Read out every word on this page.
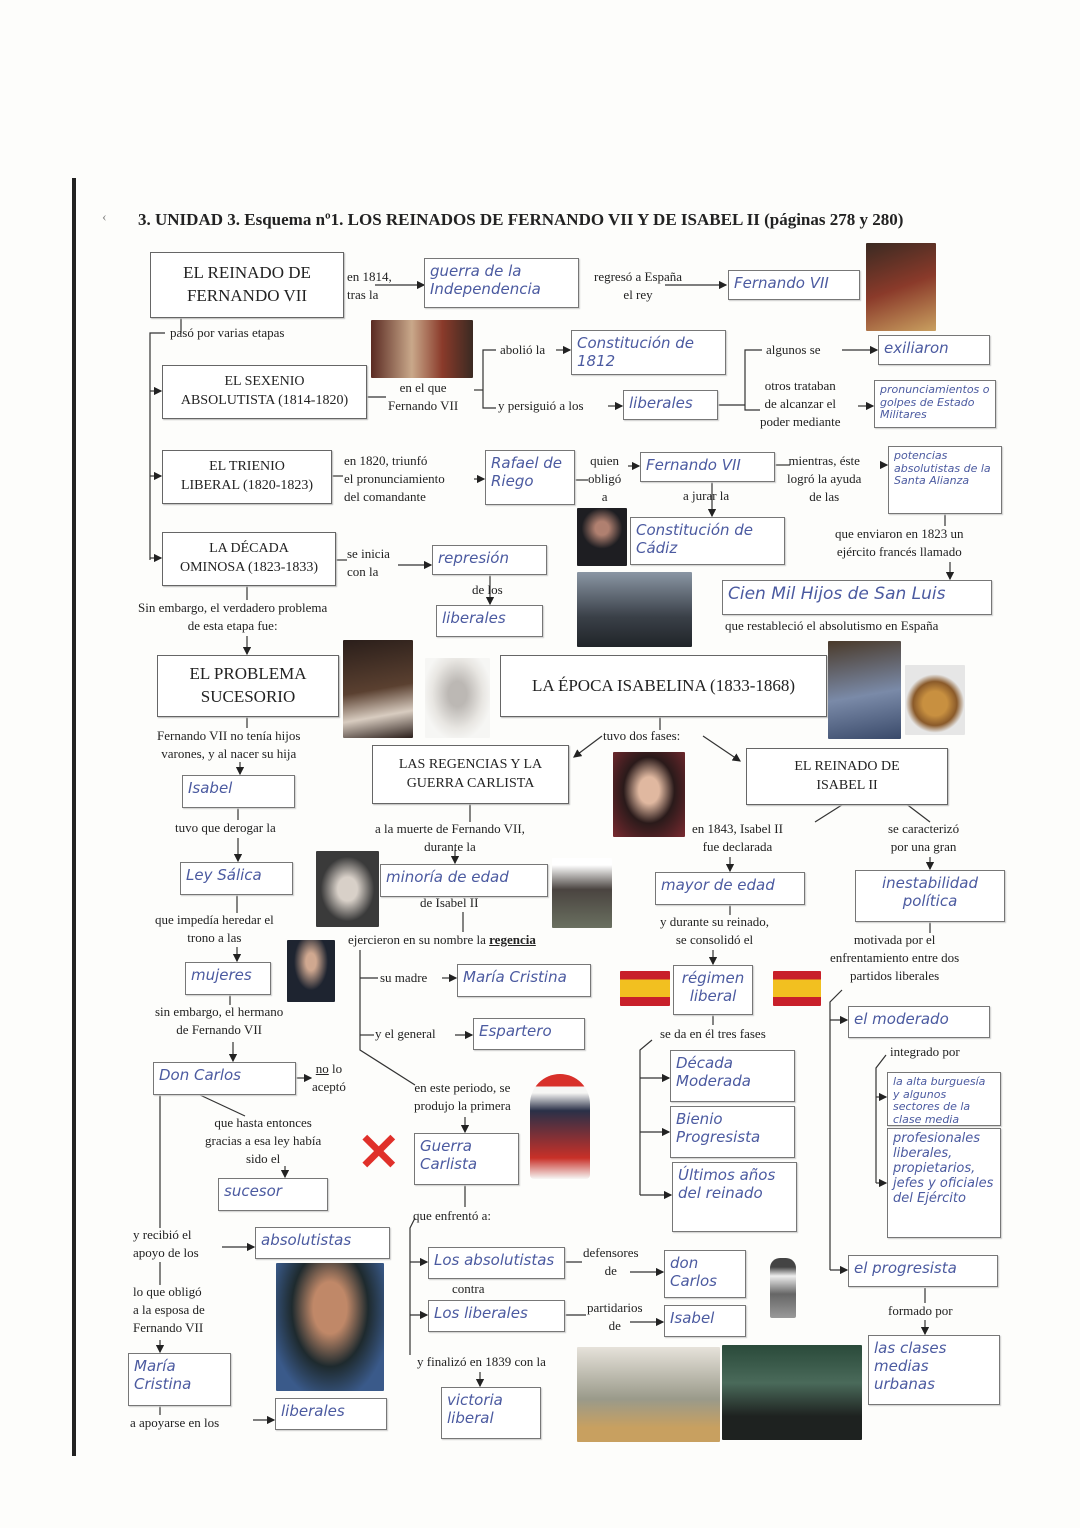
‹ 3. UNIDAD 3. Esquema nº1. LOS REINADOS DE FERNANDO VII Y DE ISABEL II (páginas 278 y 280)
EL REINADO DE
FERNANDO VII
EL SEXENIO
ABSOLUTISTA (1814-1820)
EL TRIENIO
LIBERAL (1820-1823)
LA DÉCADA
OMINOSA (1823-1833)
EL PROBLEMA
SUCESORIO
LA ÉPOCA ISABELINA (1833-1868)
LAS REGENCIAS Y LA
GUERRA CARLISTA
EL REINADO DE
ISABEL II
guerra de la
Independencia	Fernando VII
Constitución de
1812
exiliaron
liberales
pronunciamientos o golpes de Estado Militares
Rafael de
Riego
Fernando VII
potencias absolutistas de la Santa Alianza
Constitución de
Cádiz
represión
liberales
Cien Mil Hijos de San Luis
Isabel
Ley Sálica	minoría de edad	mayor de edad	inestabilidad
política
mujeres	María Cristina	régimen
liberal
el moderado
Espartero
Don Carlos
Década
Moderada
Bienio
Progresista
Últimos años
del reinado
la alta burguesía y algunos sectores de la clase media
profesionales liberales, propietarios, jefes y oficiales del Ejército
Guerra
Carlista
sucesor
absolutistas
Los absolutistas	don
Carlos
el progresista
Los liberales	Isabel
las clases medias
urbanas
María
Cristina
liberales
victoria
liberal
en 1814,
tras la
regresó a España
el rey
pasó por varias etapas
abolió la
en el que
Fernando VII	y persiguió a los
algunos se
otros trataban
de alcanzar el
poder mediante
en 1820, triunfó
el pronunciamiento
del comandante
quien
obligó
a	a jurar la
mientras, éste
logró la ayuda
de las
se inicia
con la
de los
Sin embargo, el verdadero problema
de esta etapa fue:
que enviaron en 1823 un
ejército francés llamado
que restableció el absolutismo en España
Fernando VII no tenía hijos
varones, y al nacer su hija
tuvo dos fases:
tuvo que derogar la	a la muerte de Fernando VII,
durante la
en 1843, Isabel II
fue declarada
se caracterizó
por una gran
de Isabel II
que impedía heredar el
trono a las
y durante su reinado,
se consolidó el
ejercieron en su nombre la regencia	motivada por el
enfrentamiento entre dos
partidos liberales
su madre
sin embargo, el hermano
de Fernando VII	y el general	se da en él tres fases
integrado por
no lo
aceptó	en este periodo, se
produjo la primera
que hasta entonces
gracias a esa ley había
sido el
que enfrentó a:
y recibió el
apoyo de los	defensores
de
contra
lo que obligó
a la esposa de
Fernando VII
partidarios
de
formado por
y finalizó en 1839 con la
a apoyarse en los
✕
